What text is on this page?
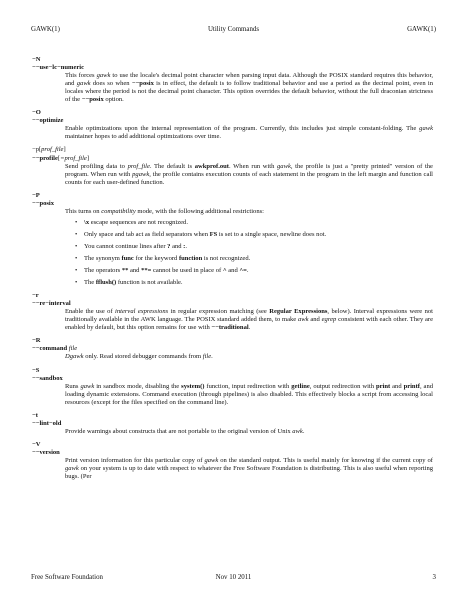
GAWK(1)	Utility Commands	GAWK(1)
−N
−−use−lc−numeric
This forces gawk to use the locale's decimal point character when parsing input data. Although the POSIX standard requires this behavior, and gawk does so when −−posix is in effect, the default is to follow traditional behavior and use a period as the decimal point, even in locales where the period is not the decimal point character. This option overrides the default behavior, without the full draconian strictness of the −−posix option.
−O
−−optimize
Enable optimizations upon the internal representation of the program. Currently, this includes just simple constant-folding. The gawk maintainer hopes to add additional optimizations over time.
−p[prof_file]
−−profile[=prof_file]
Send profiling data to prof_file. The default is awkprof.out. When run with gawk, the profile is just a "pretty printed" version of the program. When run with pgawk, the profile contains execution counts of each statement in the program in the left margin and function call counts for each user-defined function.
−P
−−posix
This turns on compatibility mode, with the following additional restrictions:
• \x escape sequences are not recognized.
• Only space and tab act as field separators when FS is set to a single space, newline does not.
• You cannot continue lines after ? and :.
• The synonym func for the keyword function is not recognized.
• The operators ** and **= cannot be used in place of ^ and ^=.
• The fflush() function is not available.
−r
−−re−interval
Enable the use of interval expressions in regular expression matching (see Regular Expressions, below). Interval expressions were not traditionally available in the AWK language. The POSIX standard added them, to make awk and egrep consistent with each other. They are enabled by default, but this option remains for use with −−traditional.
−R
−−command file
Dgawk only. Read stored debugger commands from file.
−S
−−sandbox
Runs gawk in sandbox mode, disabling the system() function, input redirection with getline, output redirection with print and printf, and loading dynamic extensions. Command execution (through pipelines) is also disabled. This effectively blocks a script from accessing local resources (except for the files specified on the command line).
−t
−−lint−old
Provide warnings about constructs that are not portable to the original version of Unix awk.
−V
−−version
Print version information for this particular copy of gawk on the standard output. This is useful mainly for knowing if the current copy of gawk on your system is up to date with respect to whatever the Free Software Foundation is distributing. This is also useful when reporting bugs. (Per
Free Software Foundation	Nov 10 2011	3
